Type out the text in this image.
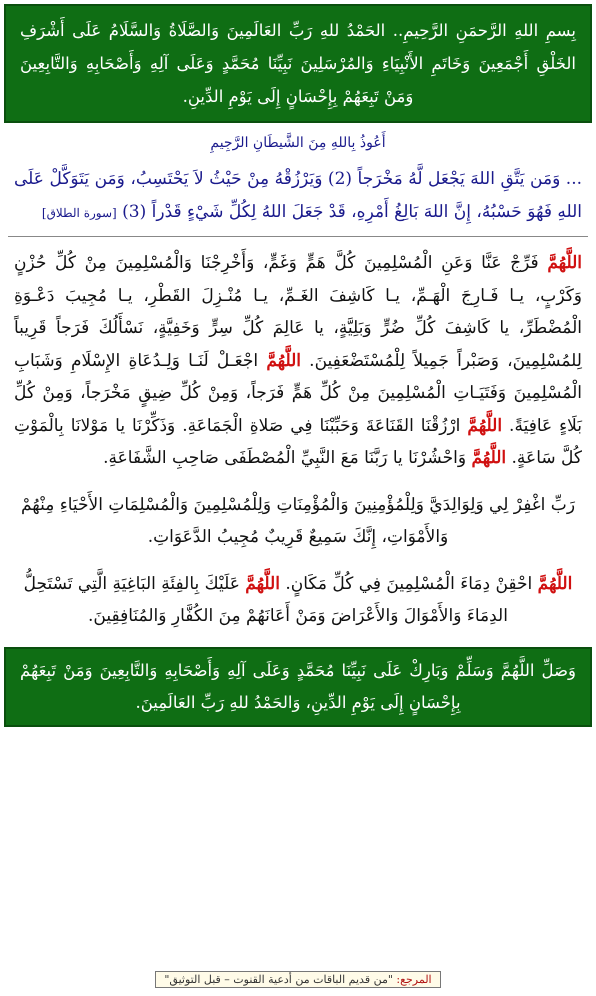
بِسمِ اللهِ الرَّحمَنِ الرَّحِيمِ.. الحَمْدُ للهِ رَبِّ العَالَمِينَ وَالصَّلَاةُ وَالسَّلَامُ عَلَى أَشْرَفِ الخَلْقِ أَجْمَعِينَ وَخَاتَمِ الأَنْبِيَاءِ وَالمُرْسَلِينَ نَبِيِّنَا مُحَمَّدٍ وَعَلَى آلِهِ وَأَصْحَابِهِ وَالتَّابِعِينَ وَمَنْ تَبِعَهُمْ بِإِحْسَانٍ إِلَى يَوْمِ الدِّينِ.
أَعُوذُ بِاللهِ مِنَ الشَّيطَانِ الرَّجِيمِ
... وَمَن يَتَّقِ اللهَ يَجْعَل لَّهُ مَخْرَجاً (2) وَيَرْزُقْهُ مِنْ حَيْثُ لاَ يَحْتَسِبُ، وَمَن يَتَوَكَّلْ عَلَى اللهِ فَهُوَ حَسْبُهُ، إِنَّ اللهَ بَالِغُ أَمْرِهِ، قَدْ جَعَلَ اللهُ لِكُلِّ شَيْءٍ قَدْراً (3) [سورة الطلاق]
اللَّهُمَّ فَرِّجْ عَنَّا وَعَنِ الْمُسْلِمِينَ كُلَّ هَمٍّ وَغَمٍّ، وَأَخْرِجْنَا وَالْمُسْلِمِينَ مِنْ كُلِّ حُزْنٍ وَكَرْبٍ، يـا فَـارِجَ الْهَـمِّ، يـا كَاشِفَ الغَـمِّ، يـا مُنْـزِلَ القَطْرِ، يـا مُجِيبَ دَعْـوَةِ الْمُضْطَرِّ، يا كَاشِفَ كُلِّ ضُرٍّ وَبَلِيَّةٍ، يا عَالِمَ كُلِّ سِرٍّ وَخَفِيَّةٍ، نَسْأَلُكَ فَرَجاً قَرِيباً لِلمُسْلِمِينَ، وَصَبْراً جَمِيلاً لِلْمُسْتَضْعَفِينَ. اللَّهُمَّ اجْعَـلْ لَنَـا وَلِـدُعَاةِ الإِسْلَامِ وَشَبَابِ الْمُسْلِمِينَ وَفَتَيَـاتِ الْمُسْلِمِينَ مِنْ كُلِّ هَمٍّ فَرَجاً، وَمِنْ كُلِّ ضِيقٍ مَخْرَجاً، وَمِنْ كُلِّ بَلَاءٍ عَافِيَةً. اللَّهُمَّ ارْزُقْنَا القَنَاعَةَ وَحَبِّبْنَا فِي صَلاةِ الْجَمَاعَةِ. وَذَكِّرْنَا يا مَوْلانَا بِالْمَوْتِ كُلَّ سَاعَةٍ. اللَّهُمَّ وَاحْشُرْنَا يا رَبَّنَا مَعَ النَّبِيِّ الْمُصْطَفَى صَاحِبِ الشَّفَاعَةِ.
رَبِّ اغْفِرْ لِي وَلِوَالِدَيَّ وَلِلْمُؤْمِنِينَ وَالْمُؤْمِنَاتِ وَلِلْمُسْلِمِينَ وَالْمُسْلِمَاتِ الأَحْيَاءِ مِنْهُمْ وَالأَمْوَاتِ، إِنَّكَ سَمِيعٌ قَرِيبٌ مُجِيبُ الدَّعَوَاتِ.
اللَّهُمَّ احْقِنْ دِمَاءَ الْمُسْلِمِينَ فِي كُلِّ مَكَانٍ. اللَّهُمَّ عَلَيْكَ بِالفِئَةِ البَاغِيَةِ الَّتِي تَسْتَحِلُّ الدِمَاءَ وَالأَمْوَالَ وَالأَعْرَاضَ وَمَنْ أَعَانَهُمْ مِنَ الكُفَّارِ وَالمُنَافِقِينَ.
وَصَلِّ اللَّهُمَّ وَسَلِّمْ وَبَارِكْ عَلَى نَبِيِّنَا مُحَمَّدٍ وَعَلَى آلِهِ وَأَصْحَابِهِ وَالتَّابِعِينَ وَمَنْ تَبِعَهُمْ بِإِحْسَانٍ إِلَى يَوْمِ الدِّينِ، وَالحَمْدُ للهِ رَبِّ العَالَمِينَ.
المرجع: "من قديم الباقات من أدعية القنوت – قبل التوثيق"
